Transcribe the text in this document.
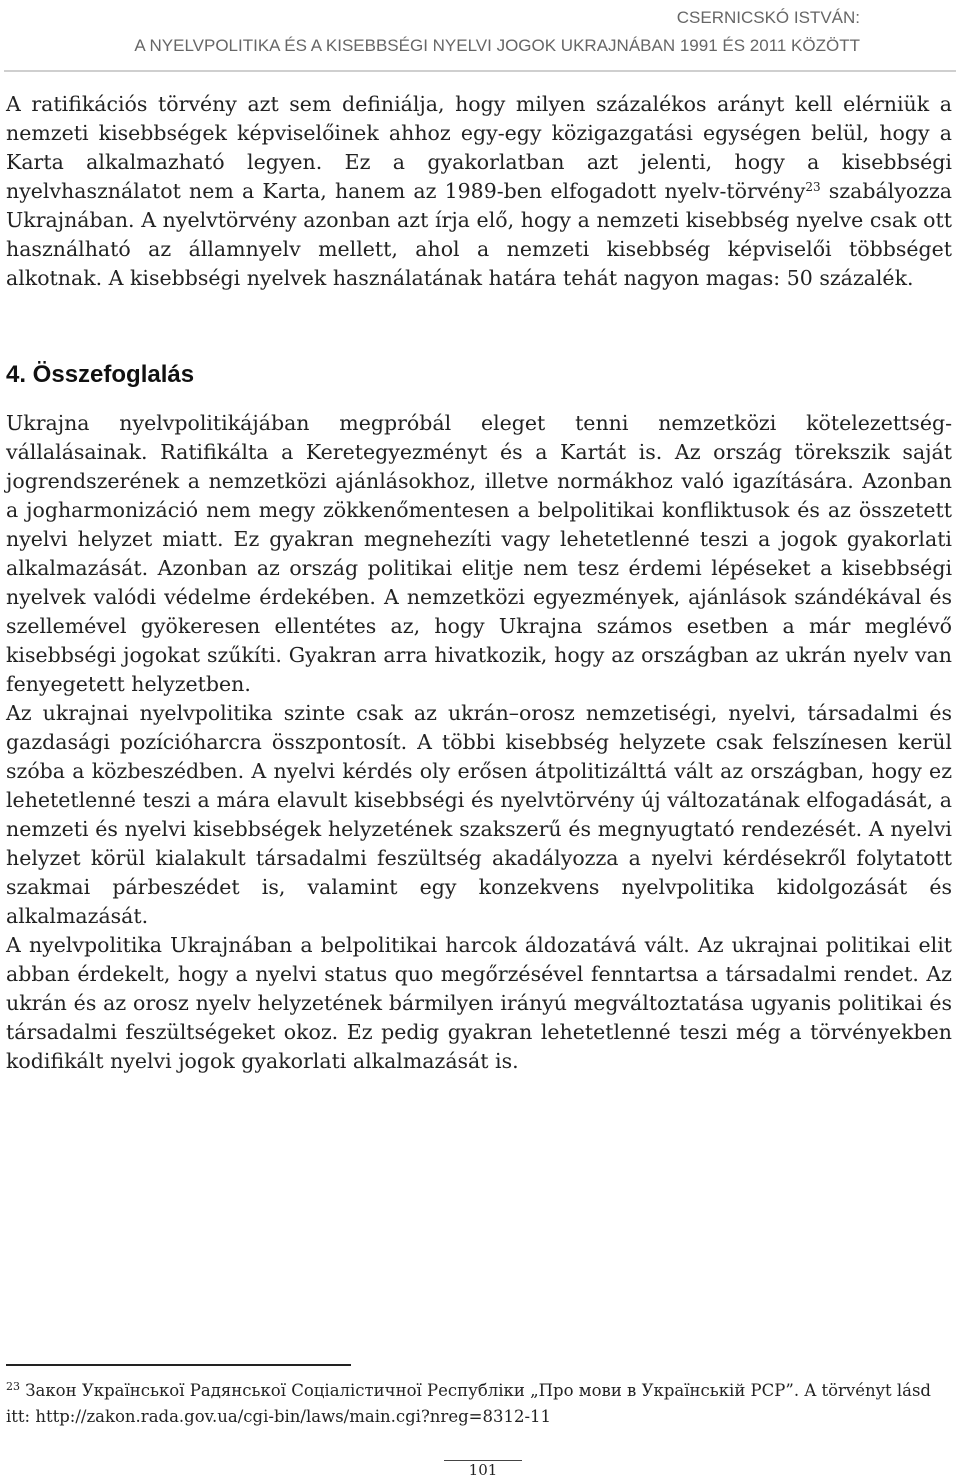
CSERNICSKÓ ISTVÁN:
A NYELVPOLITIKA ÉS A KISEBBSÉGI NYELVI JOGOK UKRAJNÁBAN 1991 ÉS 2011 KÖZÖTT

A ratifikációs törvény azt sem definiálja, hogy milyen százalékos arányt kell elérniük a nemzeti kisebbségek képviselőinek ahhoz egy-egy közigazgatási egységen belül, hogy a Karta alkalmazható legyen. Ez a gyakorlatban azt jelenti, hogy a kisebbségi nyelvhasználatot nem a Karta, hanem az 1989-ben elfogadott nyelv-törvény$^{23}$ szabályozza Ukrajnában. A nyelvtörvény azonban azt írja elő, hogy a nemzeti kisebbség nyelve csak ott használható az államnyelv mellett, ahol a nemzeti kisebbség képviselői többséget alkotnak. A kisebbségi nyelvek használatának határa tehát nagyon magas: 50 százalék.

4. Összefoglalás

Ukrajna nyelvpolitikájában megpróbál eleget tenni nemzetközi kötelezettség-vállalásainak. Ratifikálta a Keretegyezményt és a Kartát is. Az ország törekszik saját jogrendszerének a nemzetközi ajánlásokhoz, illetve normákhoz való igazítására. Azonban a jogharmonizáció nem megy zökkenőmentesen a belpolitikai konfliktusok és az összetett nyelvi helyzet miatt. Ez gyakran megnehezíti vagy lehetetlenné teszi a jogok gyakorlati alkalmazását. Azonban az ország politikai elitje nem tesz érdemi lépéseket a kisebbségi nyelvek valódi védelme érdekében. A nemzetközi egyezmények, ajánlások szándékával és szellemével gyökeresen ellentétes az, hogy Ukrajna számos esetben a már meglévő kisebbségi jogokat szűkíti. Gyakran arra hivatkozik, hogy az országban az ukrán nyelv van fenyegetett helyzetben.

Az ukrajnai nyelvpolitika szinte csak az ukrán–orosz nemzetiségi, nyelvi, társadalmi és gazdasági pozícióharcra összpontosít. A többi kisebbség helyzete csak felszínesen kerül szóba a közbeszédben. A nyelvi kérdés oly erősen átpolitizálttá vált az országban, hogy ez lehetetlenné teszi a mára elavult kisebbségi és nyelvtörvény új változatának elfogadását, a nemzeti és nyelvi kisebbségek helyzetének szakszerű és megnyugtató rendezését. A nyelvi helyzet körül kialakult társadalmi feszültség akadályozza a nyelvi kérdésekről folytatott szakmai párbeszédet is, valamint egy konzekvens nyelvpolitika kidolgozását és alkalmazását.

A nyelvpolitika Ukrajnában a belpolitikai harcok áldozatává vált. Az ukrajnai politikai elit abban érdekelt, hogy a nyelvi status quo megőrzésével fenntartsa a társadalmi rendet. Az ukrán és az orosz nyelv helyzetének bármilyen irányú megváltoztatása ugyanis politikai és társadalmi feszültségeket okoz. Ez pedig gyakran lehetetlenné teszi még a törvényekben kodifikált nyelvi jogok gyakorlati alkalmazását is.

$^{23}$ Закон Української Радянської Соціалістичної Республіки „Про мови в Українській РСР”. A törvényt lásd itt: http://zakon.rada.gov.ua/cgi-bin/laws/main.cgi?nreg=8312-11
101
